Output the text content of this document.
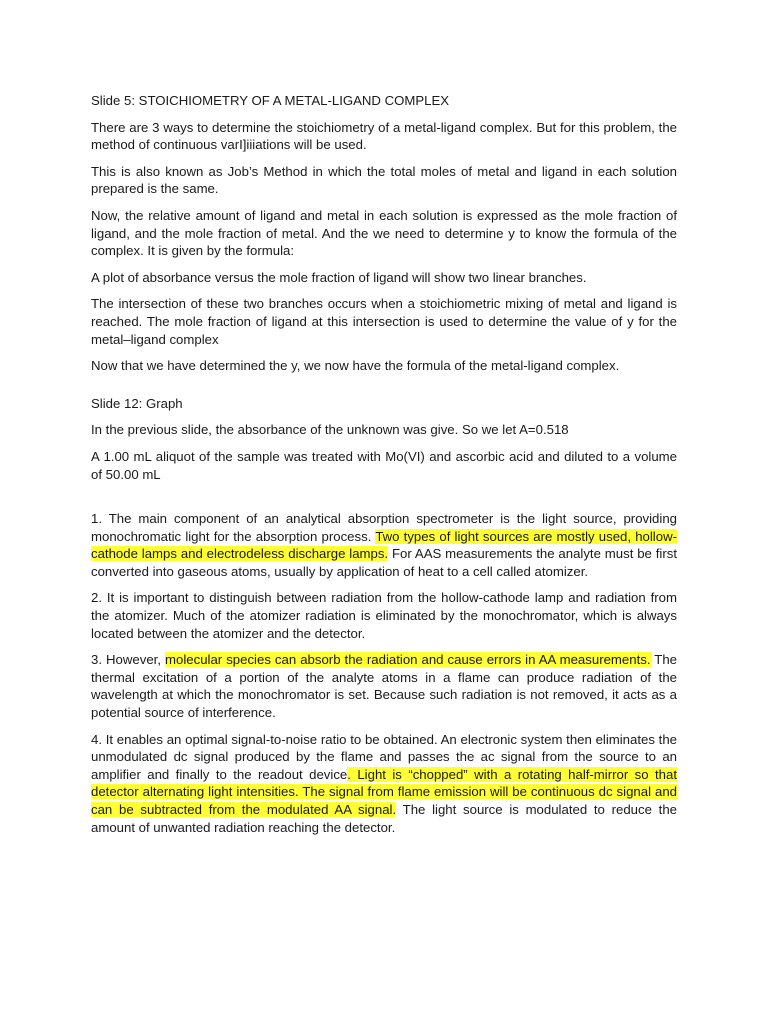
Slide 5: STOICHIOMETRY OF A METAL-LIGAND COMPLEX

There are 3 ways to determine the stoichiometry of a metal-ligand complex. But for this problem, the method of continuous varI]iiiations will be used.

This is also known as Job’s Method in which the total moles of metal and ligand in each solution prepared is the same.

Now, the relative amount of ligand and metal in each solution is expressed as the mole fraction of ligand, and the mole fraction of metal. And the we need to determine y to know the formula of the complex. It is given by the formula:

A plot of absorbance versus the mole fraction of ligand will show two linear branches.

The intersection of these two branches occurs when a stoichiometric mixing of metal and ligand is reached. The mole fraction of ligand at this intersection is used to determine the value of y for the metal–ligand complex

Now that we have determined the y, we now have the formula of the metal-ligand complex.

Slide 12: Graph

In the previous slide, the absorbance of the unknown was give. So we let A=0.518

A 1.00 mL aliquot of the sample was treated with Mo(VI) and ascorbic acid and diluted to a volume of 50.00 mL

1. The main component of an analytical absorption spectrometer is the light source, providing monochromatic light for the absorption process. Two types of light sources are mostly used, hollow-cathode lamps and electrodeless discharge lamps. For AAS measurements the analyte must be first converted into gaseous atoms, usually by application of heat to a cell called atomizer.

2. It is important to distinguish between radiation from the hollow-cathode lamp and radiation from the atomizer. Much of the atomizer radiation is eliminated by the monochromator, which is always located between the atomizer and the detector.

3. However, molecular species can absorb the radiation and cause errors in AA measurements. The thermal excitation of a portion of the analyte atoms in a flame can produce radiation of the wavelength at which the monochromator is set. Because such radiation is not removed, it acts as a potential source of interference.

4. It enables an optimal signal-to-noise ratio to be obtained. An electronic system then eliminates the unmodulated dc signal produced by the flame and passes the ac signal from the source to an amplifier and finally to the readout device. Light is “chopped” with a rotating half-mirror so that detector alternating light intensities. The signal from flame emission will be continuous dc signal and can be subtracted from the modulated AA signal. The light source is modulated to reduce the amount of unwanted radiation reaching the detector.
